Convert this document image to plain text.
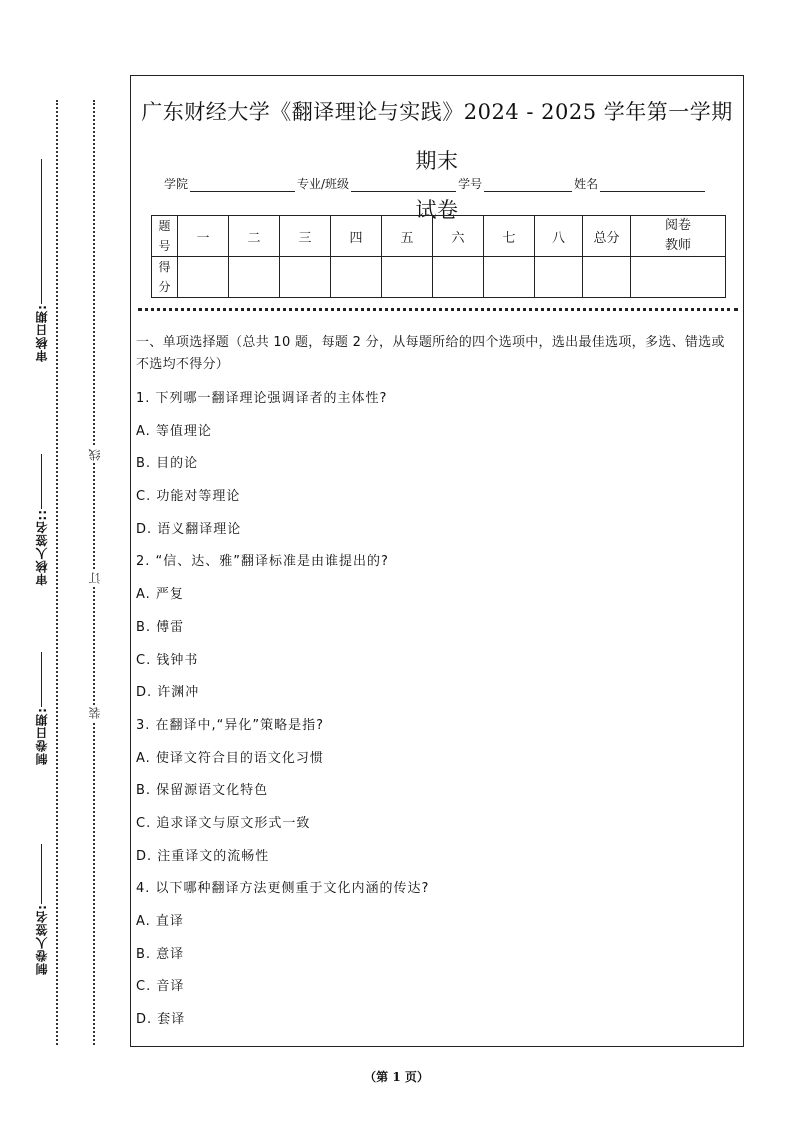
审核日期:
审核人签名::
制卷日期:
制卷人签名:
线
订
装
广东财经大学《翻译理论与实践》2024 - 2025 学年第一学期期末
试卷
学院	专业/班级	学号	姓名
题
号	一	二	三	四	五	六	七	八	总分	阅卷
教师
得
分										
一、单项选择题（总共 10 题，每题 2 分，从每题所给的四个选项中，选出最佳选项，多选、错选或不选均不得分）
1. 下列哪一翻译理论强调译者的主体性?
A. 等值理论
B. 目的论
C. 功能对等理论
D. 语义翻译理论
2. “信、达、雅”翻译标准是由谁提出的?
A. 严复
B. 傅雷
C. 钱钟书
D. 许渊冲
3. 在翻译中,“异化”策略是指?
A. 使译文符合目的语文化习惯
B. 保留源语文化特色
C. 追求译文与原文形式一致
D. 注重译文的流畅性
4. 以下哪种翻译方法更侧重于文化内涵的传达?
A. 直译
B. 意译
C. 音译
D. 套译
（第 1 页）
